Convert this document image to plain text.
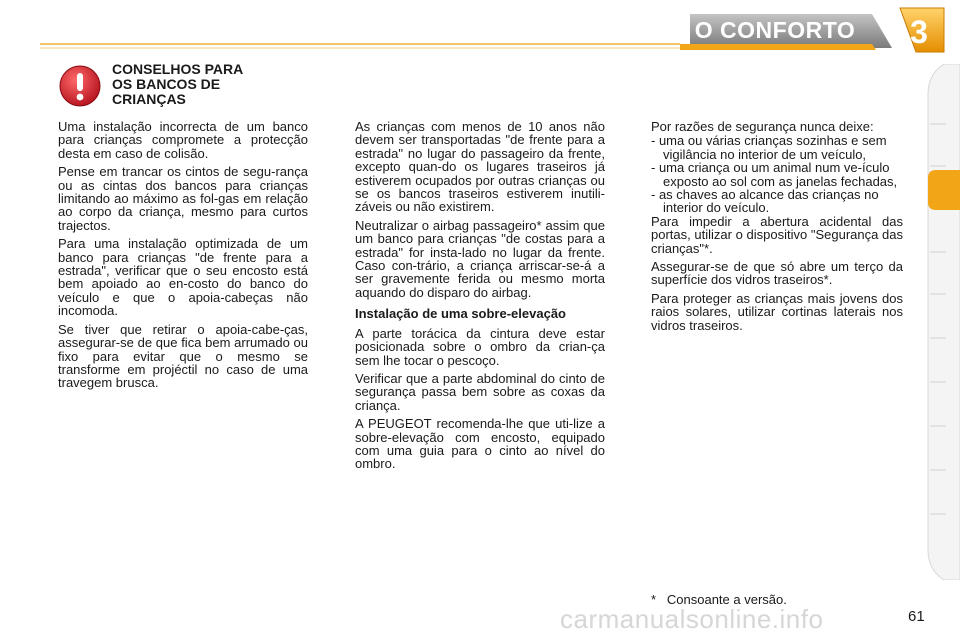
O CONFORTO	3
CONSELHOS PARA
OS BANCOS DE
CRIANÇAS

Uma instalação incorrecta de um banco para crianças compromete a protecção desta em caso de colisão.

Pense em trancar os cintos de segu-rança ou as cintas dos bancos para crianças limitando ao máximo as fol-gas em relação ao corpo da criança, mesmo para curtos trajectos.

Para uma instalação optimizada de um banco para crianças "de frente para a estrada", verificar que o seu encosto está bem apoiado ao en-costo do banco do veículo e que o apoia-cabeças não incomoda.

Se tiver que retirar o apoia-cabe-ças, assegurar-se de que fica bem arrumado ou fixo para evitar que o mesmo se transforme em projéctil no caso de uma travegem brusca.

As crianças com menos de 10 anos não devem ser transportadas "de frente para a estrada" no lugar do passageiro da frente, excepto quan-do os lugares traseiros já estiverem ocupados por outras crianças ou se os bancos traseiros estiverem inutili-záveis ou não existirem.

Neutralizar o airbag passageiro* assim que um banco para crianças "de costas para a estrada" for insta-lado no lugar da frente. Caso con-trário, a criança arriscar-se-á a ser gravemente ferida ou mesmo morta aquando do disparo do airbag.

Instalação de uma sobre-elevação

A parte torácica da cintura deve estar posicionada sobre o ombro da crian-ça sem lhe tocar o pescoço.

Verificar que a parte abdominal do cinto de segurança passa bem sobre as coxas da criança.

A PEUGEOT recomenda-lhe que uti-lize a sobre-elevação com encosto, equipado com uma guia para o cinto ao nível do ombro.

Por razões de segurança nunca deixe:

- uma ou várias crianças sozinhas e sem vigilância no interior de um veículo,

- uma criança ou um animal num ve-ículo exposto ao sol com as janelas fechadas,

- as chaves ao alcance das crianças no interior do veículo.

Para impedir a abertura acidental das portas, utilizar o dispositivo "Segurança das crianças"*.

Assegurar-se de que só abre um terço da superfície dos vidros traseiros*.

Para proteger as crianças mais jovens dos raios solares, utilizar cortinas laterais nos vidros traseiros.

*   Consoante a versão.
carmanualsonline.info	61
